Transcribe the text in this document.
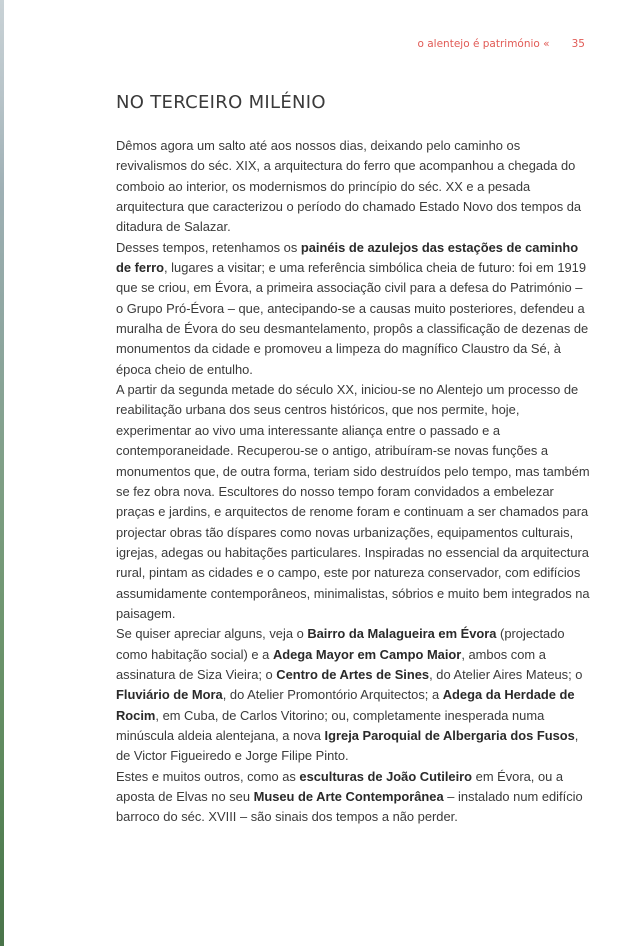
o alentejo é património « 35
NO TERCEIRO MILÉNIO

Dêmos agora um salto até aos nossos dias, deixando pelo caminho os revivalismos do séc. XIX, a arquitectura do ferro que acompanhou a chegada do comboio ao interior, os modernismos do princípio do séc. XX e a pesada arquitectura que caracterizou o período do chamado Estado Novo dos tempos da ditadura de Salazar.

Desses tempos, retenhamos os painéis de azulejos das estações de caminho de ferro, lugares a visitar; e uma referência simbólica cheia de futuro: foi em 1919 que se criou, em Évora, a primeira associação civil para a defesa do Património – o Grupo Pró-Évora – que, antecipando-se a causas muito posteriores, defendeu a muralha de Évora do seu desmantelamento, propôs a classificação de dezenas de monumentos da cidade e promoveu a limpeza do magnífico Claustro da Sé, à época cheio de entulho.

A partir da segunda metade do século XX, iniciou-se no Alentejo um processo de reabilitação urbana dos seus centros históricos, que nos permite, hoje, experimentar ao vivo uma interessante aliança entre o passado e a contemporaneidade. Recuperou-se o antigo, atribuíram-se novas funções a monumentos que, de outra forma, teriam sido destruídos pelo tempo, mas também se fez obra nova. Escultores do nosso tempo foram convidados a embelezar praças e jardins, e arquitectos de renome foram e continuam a ser chamados para projectar obras tão díspares como novas urbanizações, equipamentos culturais, igrejas, adegas ou habitações particulares. Inspiradas no essencial da arquitectura rural, pintam as cidades e o campo, este por natureza conservador, com edifícios assumidamente contemporâneos, minimalistas, sóbrios e muito bem integrados na paisagem.

Se quiser apreciar alguns, veja o Bairro da Malagueira em Évora (projectado como habitação social) e a Adega Mayor em Campo Maior, ambos com a assinatura de Siza Vieira; o Centro de Artes de Sines, do Atelier Aires Mateus; o Fluviário de Mora, do Atelier Promontório Arquitectos; a Adega da Herdade de Rocim, em Cuba, de Carlos Vitorino; ou, completamente inesperada numa minúscula aldeia alentejana, a nova Igreja Paroquial de Albergaria dos Fusos, de Victor Figueiredo e Jorge Filipe Pinto.

Estes e muitos outros, como as esculturas de João Cutileiro em Évora, ou a aposta de Elvas no seu Museu de Arte Contemporânea – instalado num edifício barroco do séc. XVIII – são sinais dos tempos a não perder.
